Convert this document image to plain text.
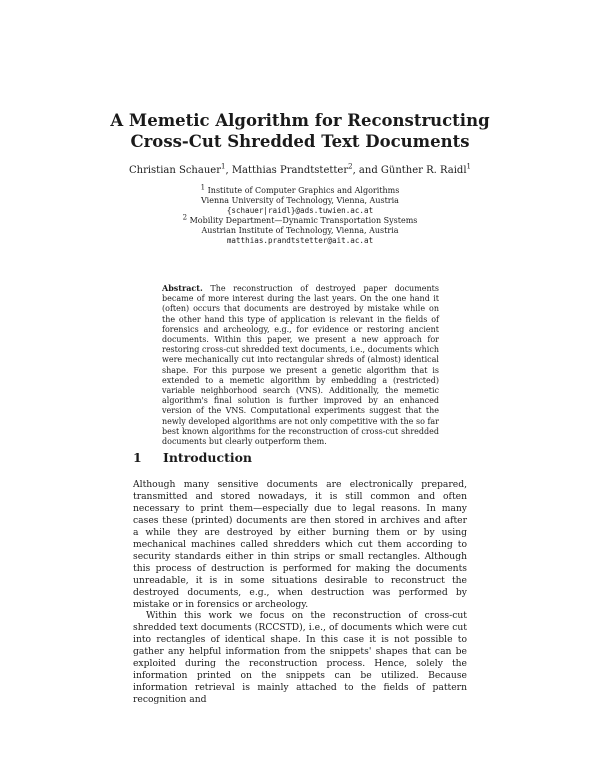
A Memetic Algorithm for Reconstructing
Cross-Cut Shredded Text Documents
Christian Schauer$^1$, Matthias Prandtstetter$^2$, and Günther R. Raidl$^1$
$^1$ Institute of Computer Graphics and Algorithms
Vienna University of Technology, Vienna, Austria
{schauer|raidl}@ads.tuwien.ac.at
$^2$ Mobility Department—Dynamic Transportation Systems
Austrian Institute of Technology, Vienna, Austria
matthias.prandtstetter@ait.ac.at
Abstract. The reconstruction of destroyed paper documents became of more interest during the last years. On the one hand it (often) occurs that documents are destroyed by mistake while on the other hand this type of application is relevant in the fields of forensics and archeology, e.g., for evidence or restoring ancient documents. Within this paper, we present a new approach for restoring cross-cut shredded text documents, i.e., documents which were mechanically cut into rectangular shreds of (almost) identical shape. For this purpose we present a genetic algorithm that is extended to a memetic algorithm by embedding a (restricted) variable neighborhood search (VNS). Additionally, the memetic algorithm's final solution is further improved by an enhanced version of the VNS. Computational experiments suggest that the newly developed algorithms are not only competitive with the so far best known algorithms for the reconstruction of cross-cut shredded documents but clearly outperform them.
1 Introduction
Although many sensitive documents are electronically prepared, transmitted and stored nowadays, it is still common and often necessary to print them—especially due to legal reasons. In many cases these (printed) documents are then stored in archives and after a while they are destroyed by either burning them or by using mechanical machines called shredders which cut them according to security standards either in thin strips or small rectangles. Although this process of destruction is performed for making the documents unreadable, it is in some situations desirable to reconstruct the destroyed documents, e.g., when destruction was performed by mistake or in forensics or archeology.
Within this work we focus on the reconstruction of cross-cut shredded text documents (RCCSTD), i.e., of documents which were cut into rectangles of identical shape. In this case it is not possible to gather any helpful information from the snippets' shapes that can be exploited during the reconstruction process. Hence, solely the information printed on the snippets can be utilized. Because information retrieval is mainly attached to the fields of pattern recognition and
